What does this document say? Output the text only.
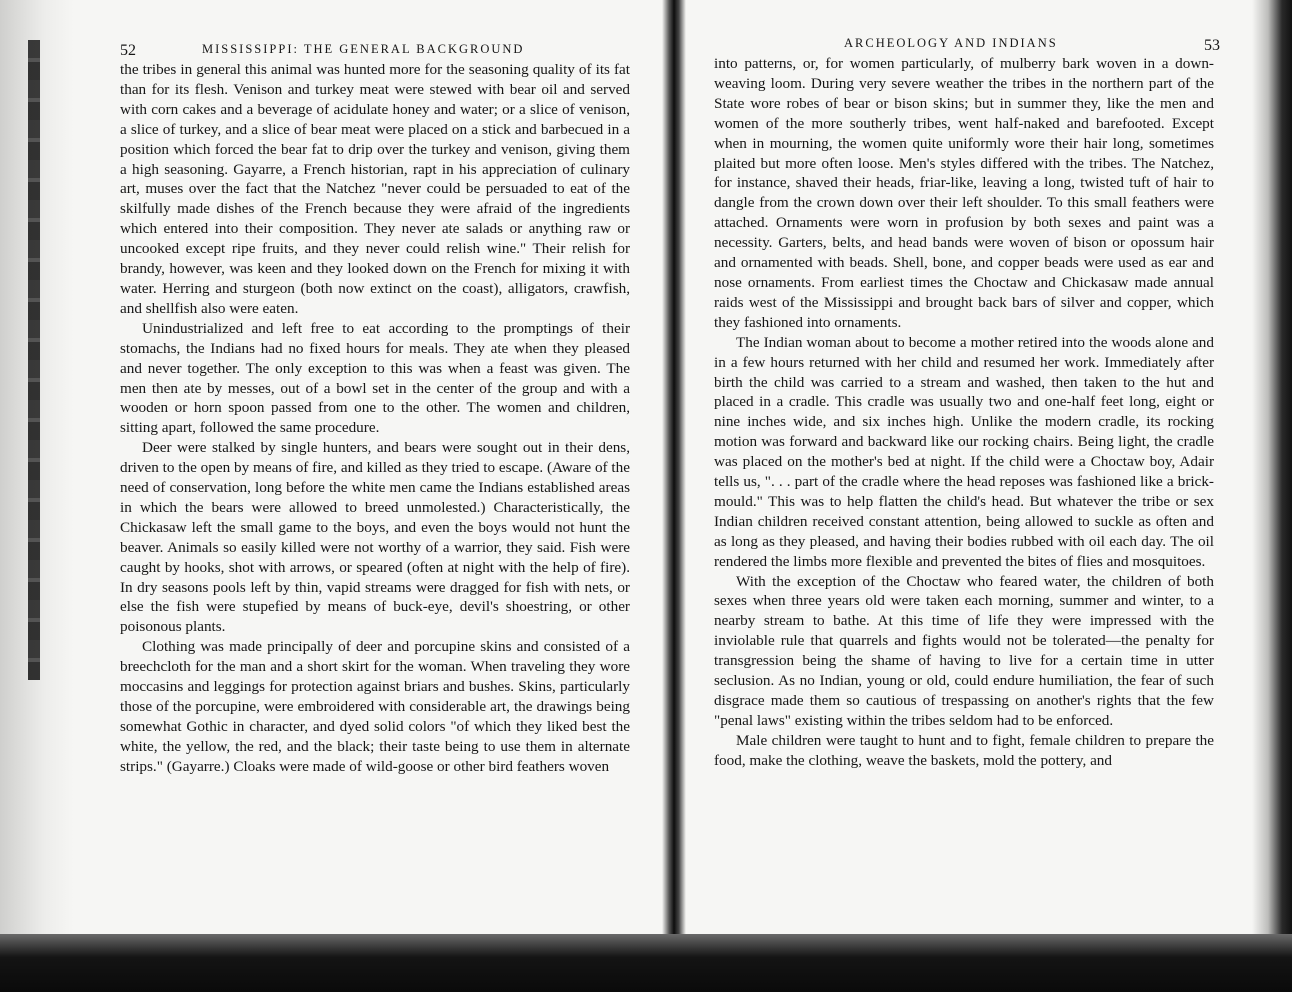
52	MISSISSIPPI: THE GENERAL BACKGROUND

the tribes in general this animal was hunted more for the seasoning quality of its fat than for its flesh. Venison and turkey meat were stewed with bear oil and served with corn cakes and a beverage of acidulate honey and water; or a slice of venison, a slice of turkey, and a slice of bear meat were placed on a stick and barbecued in a position which forced the bear fat to drip over the turkey and venison, giving them a high seasoning. Gayarre, a French historian, rapt in his appreciation of culinary art, muses over the fact that the Natchez "never could be persuaded to eat of the skilfully made dishes of the French because they were afraid of the ingredients which entered into their composition. They never ate salads or anything raw or uncooked except ripe fruits, and they never could relish wine." Their relish for brandy, however, was keen and they looked down on the French for mixing it with water. Herring and sturgeon (both now extinct on the coast), alligators, crawfish, and shellfish also were eaten.

Unindustrialized and left free to eat according to the promptings of their stomachs, the Indians had no fixed hours for meals. They ate when they pleased and never together. The only exception to this was when a feast was given. The men then ate by messes, out of a bowl set in the center of the group and with a wooden or horn spoon passed from one to the other. The women and children, sitting apart, followed the same procedure.

Deer were stalked by single hunters, and bears were sought out in their dens, driven to the open by means of fire, and killed as they tried to escape. (Aware of the need of conservation, long before the white men came the Indians established areas in which the bears were allowed to breed unmolested.) Characteristically, the Chickasaw left the small game to the boys, and even the boys would not hunt the beaver. Animals so easily killed were not worthy of a warrior, they said. Fish were caught by hooks, shot with arrows, or speared (often at night with the help of fire). In dry seasons pools left by thin, vapid streams were dragged for fish with nets, or else the fish were stupefied by means of buck-eye, devil's shoestring, or other poisonous plants.

Clothing was made principally of deer and porcupine skins and consisted of a breechcloth for the man and a short skirt for the woman. When traveling they wore moccasins and leggings for protection against briars and bushes. Skins, particularly those of the porcupine, were embroidered with considerable art, the drawings being somewhat Gothic in character, and dyed solid colors "of which they liked best the white, the yellow, the red, and the black; their taste being to use them in alternate strips." (Gayarre.) Cloaks were made of wild-goose or other bird feathers woven

ARCHEOLOGY AND INDIANS	53

into patterns, or, for women particularly, of mulberry bark woven in a down-weaving loom. During very severe weather the tribes in the northern part of the State wore robes of bear or bison skins; but in summer they, like the men and women of the more southerly tribes, went half-naked and barefooted. Except when in mourning, the women quite uniformly wore their hair long, sometimes plaited but more often loose. Men's styles differed with the tribes. The Natchez, for instance, shaved their heads, friar-like, leaving a long, twisted tuft of hair to dangle from the crown down over their left shoulder. To this small feathers were attached. Ornaments were worn in profusion by both sexes and paint was a necessity. Garters, belts, and head bands were woven of bison or opossum hair and ornamented with beads. Shell, bone, and copper beads were used as ear and nose ornaments. From earliest times the Choctaw and Chickasaw made annual raids west of the Mississippi and brought back bars of silver and copper, which they fashioned into ornaments.

The Indian woman about to become a mother retired into the woods alone and in a few hours returned with her child and resumed her work. Immediately after birth the child was carried to a stream and washed, then taken to the hut and placed in a cradle. This cradle was usually two and one-half feet long, eight or nine inches wide, and six inches high. Unlike the modern cradle, its rocking motion was forward and backward like our rocking chairs. Being light, the cradle was placed on the mother's bed at night. If the child were a Choctaw boy, Adair tells us, ". . . part of the cradle where the head reposes was fashioned like a brick-mould." This was to help flatten the child's head. But whatever the tribe or sex Indian children received constant attention, being allowed to suckle as often and as long as they pleased, and having their bodies rubbed with oil each day. The oil rendered the limbs more flexible and prevented the bites of flies and mosquitoes.

With the exception of the Choctaw who feared water, the children of both sexes when three years old were taken each morning, summer and winter, to a nearby stream to bathe. At this time of life they were impressed with the inviolable rule that quarrels and fights would not be tolerated—the penalty for transgression being the shame of having to live for a certain time in utter seclusion. As no Indian, young or old, could endure humiliation, the fear of such disgrace made them so cautious of trespassing on another's rights that the few "penal laws" existing within the tribes seldom had to be enforced.

Male children were taught to hunt and to fight, female children to prepare the food, make the clothing, weave the baskets, mold the pottery, and
